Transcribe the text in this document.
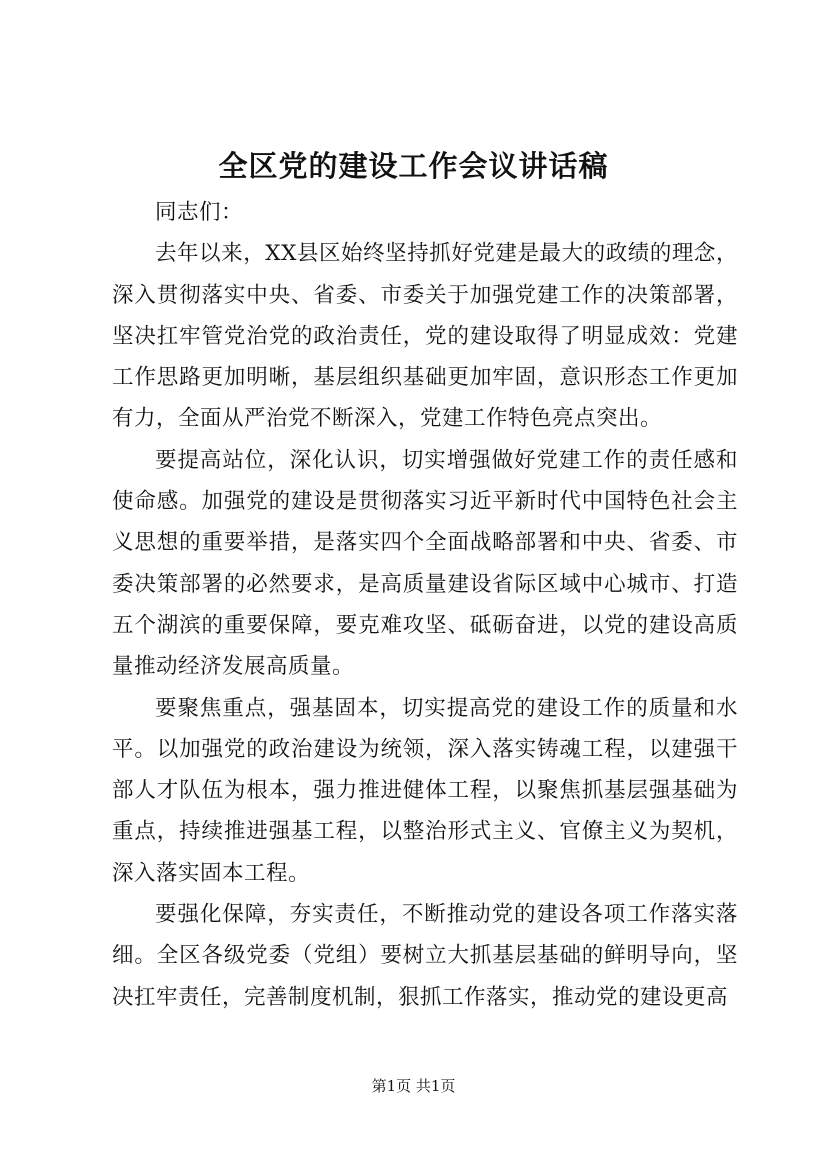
全区党的建设工作会议讲话稿

同志们：

去年以来，XX县区始终坚持抓好党建是最大的政绩的理念，深入贯彻落实中央、省委、市委关于加强党建工作的决策部署，坚决扛牢管党治党的政治责任，党的建设取得了明显成效：党建工作思路更加明晰，基层组织基础更加牢固，意识形态工作更加有力，全面从严治党不断深入，党建工作特色亮点突出。

要提高站位，深化认识，切实增强做好党建工作的责任感和使命感。加强党的建设是贯彻落实习近平新时代中国特色社会主义思想的重要举措，是落实四个全面战略部署和中央、省委、市委决策部署的必然要求，是高质量建设省际区域中心城市、打造五个湖滨的重要保障，要克难攻坚、砥砺奋进，以党的建设高质量推动经济发展高质量。

要聚焦重点，强基固本，切实提高党的建设工作的质量和水平。以加强党的政治建设为统领，深入落实铸魂工程，以建强干部人才队伍为根本，强力推进健体工程，以聚焦抓基层强基础为重点，持续推进强基工程，以整治形式主义、官僚主义为契机，深入落实固本工程。

要强化保障，夯实责任，不断推动党的建设各项工作落实落细。全区各级党委（党组）要树立大抓基层基础的鲜明导向，坚决扛牢责任，完善制度机制，狠抓工作落实，推动党的建设更高

第1页 共1页
